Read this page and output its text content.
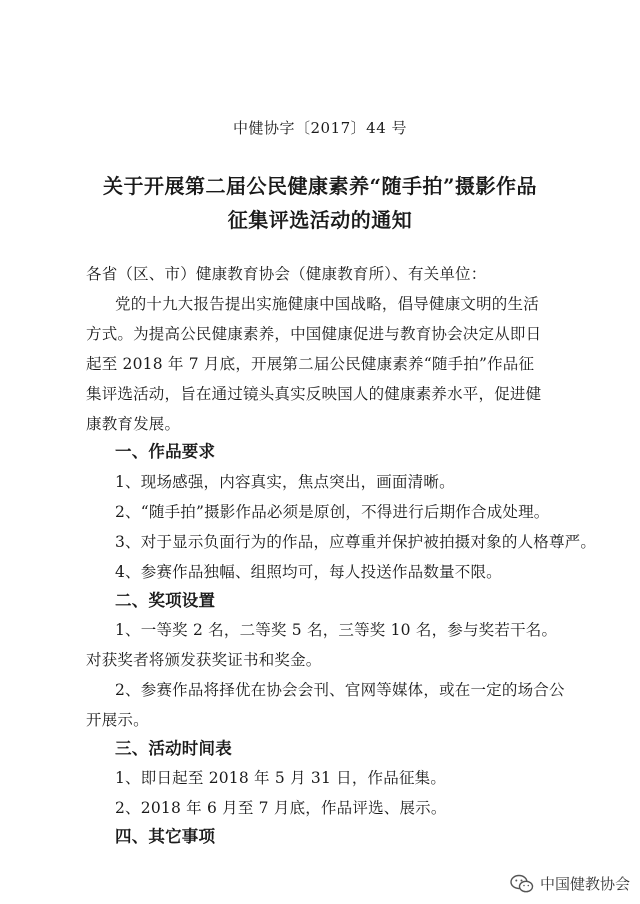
中健协字〔2017〕44 号
关于开展第二届公民健康素养“随手拍”摄影作品
征集评选活动的通知
各省（区、市）健康教育协会（健康教育所）、有关单位：
党的十九大报告提出实施健康中国战略，倡导健康文明的生活
方式。为提高公民健康素养，中国健康促进与教育协会决定从即日
起至 2018 年 7 月底，开展第二届公民健康素养“随手拍”作品征
集评选活动，旨在通过镜头真实反映国人的健康素养水平，促进健
康教育发展。
一、作品要求
1、现场感强，内容真实，焦点突出，画面清晰。
2、“随手拍”摄影作品必须是原创，不得进行后期作合成处理。
3、对于显示负面行为的作品，应尊重并保护被拍摄对象的人格尊严。
4、参赛作品独幅、组照均可，每人投送作品数量不限。
二、奖项设置
1、一等奖 2 名，二等奖 5 名，三等奖 10 名，参与奖若干名。
对获奖者将颁发获奖证书和奖金。
2、参赛作品将择优在协会会刊、官网等媒体，或在一定的场合公
开展示。
三、活动时间表
1、即日起至 2018 年 5 月 31 日，作品征集。
2、2018 年 6 月至 7 月底，作品评选、展示。
四、其它事项
中国健教协会
